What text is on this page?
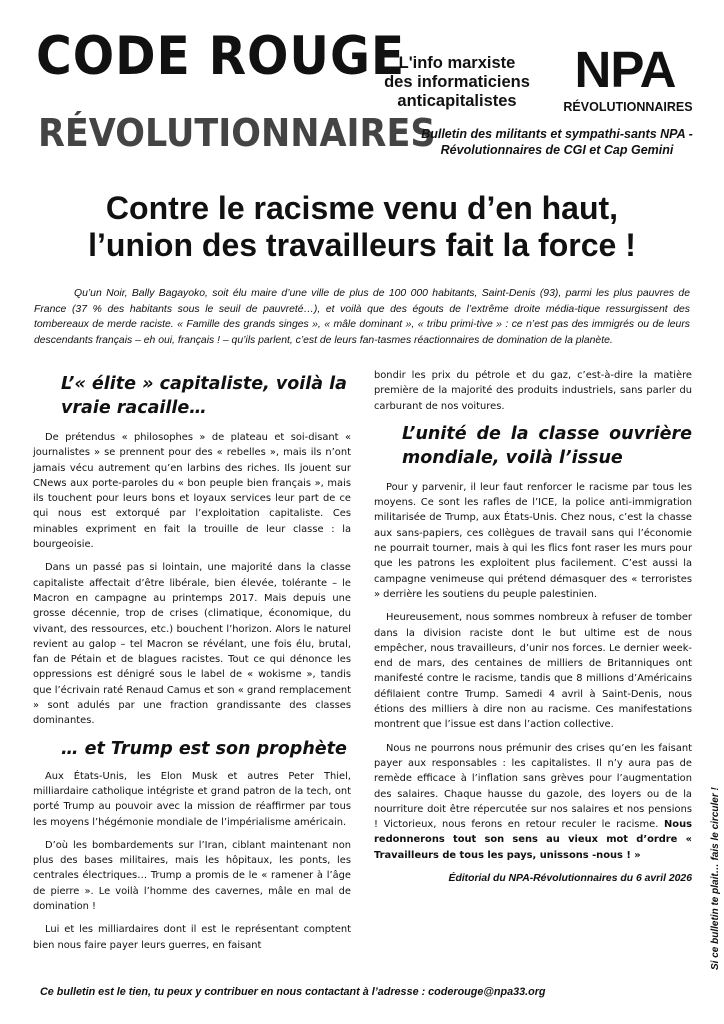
CODE ROUGE
RÉVOLUTIONNAIRES
L'info marxiste
des informaticiens
anticapitalistes
NPA
RÉVOLUTIONNAIRES
Bulletin des militants et sympathi-sants NPA - Révolutionnaires de CGI et Cap Gemini
Contre le racisme venu d’en haut,
l’union des travailleurs fait la force !
Qu’un Noir, Bally Bagayoko, soit élu maire d’une ville de plus de 100 000 habitants, Saint-Denis (93), parmi les plus pauvres de France (37 % des habitants sous le seuil de pauvreté…), et voilà que des égouts de l’extrême droite média-tique ressurgissent des tombereaux de merde raciste. « Famille des grands singes », « mâle dominant », « tribu primi-tive » : ce n’est pas des immigrés ou de leurs descendants français – eh oui, français ! – qu’ils parlent, c’est de leurs fan-tasmes réactionnaires de domination de la planète.
L’« élite » capitaliste, voilà la vraie racaille…

De prétendus « philosophes » de plateau et soi-disant « journalistes » se prennent pour des « rebelles », mais ils n’ont jamais vécu autrement qu’en larbins des riches. Ils jouent sur CNews aux porte-paroles du « bon peuple bien français », mais ils touchent pour leurs bons et loyaux services leur part de ce qui nous est extorqué par l’exploitation capitaliste. Ces minables expriment en fait la trouille de leur classe : la bourgeoisie.

Dans un passé pas si lointain, une majorité dans la classe capitaliste affectait d’être libérale, bien élevée, tolérante – le Macron en campagne au printemps 2017. Mais depuis une grosse décennie, trop de crises (climatique, économique, du vivant, des ressources, etc.) bouchent l’horizon. Alors le naturel revient au galop – tel Macron se révélant, une fois élu, brutal, fan de Pétain et de blagues racistes. Tout ce qui dénonce les oppressions est dénigré sous le label de « wokisme », tandis que l’écrivain raté Renaud Camus et son « grand remplacement » sont adulés par une fraction grandissante des classes dominantes.

… et Trump est son prophète

Aux États-Unis, les Elon Musk et autres Peter Thiel, milliardaire catholique intégriste et grand patron de la tech, ont porté Trump au pouvoir avec la mission de réaffirmer par tous les moyens l’hégémonie mondiale de l’impérialisme américain.

D’où les bombardements sur l’Iran, ciblant maintenant non plus des bases militaires, mais les hôpitaux, les ponts, les centrales électriques… Trump a promis de le « ramener à l’âge de pierre ». Le voilà l’homme des cavernes, mâle en mal de domination !

Lui et les milliardaires dont il est le représentant comptent bien nous faire payer leurs guerres, en faisant

bondir les prix du pétrole et du gaz, c’est-à-dire la matière première de la majorité des produits industriels, sans parler du carburant de nos voitures.

L’unité de la classe ouvrière mondiale, voilà l’issue

Pour y parvenir, il leur faut renforcer le racisme par tous les moyens. Ce sont les rafles de l’ICE, la police anti-immigration militarisée de Trump, aux États-Unis. Chez nous, c’est la chasse aux sans-papiers, ces collègues de travail sans qui l’économie ne pourrait tourner, mais à qui les flics font raser les murs pour que les patrons les exploitent plus facilement. C’est aussi la campagne venimeuse qui prétend démasquer des « terroristes » derrière les soutiens du peuple palestinien.

Heureusement, nous sommes nombreux à refuser de tomber dans la division raciste dont le but ultime est de nous empêcher, nous travailleurs, d’unir nos forces. Le dernier week-end de mars, des centaines de milliers de Britanniques ont manifesté contre le racisme, tandis que 8 millions d’Américains défilaient contre Trump. Samedi 4 avril à Saint-Denis, nous étions des milliers à dire non au racisme. Ces manifestations montrent que l’issue est dans l’action collective.

Nous ne pourrons nous prémunir des crises qu’en les faisant payer aux responsables : les capitalistes. Il n’y aura pas de remède efficace à l’inflation sans grèves pour l’augmentation des salaires. Chaque hausse du gazole, des loyers ou de la nourriture doit être répercutée sur nos salaires et nos pensions ! Victorieux, nous ferons en retour reculer le racisme. Nous redonnerons tout son sens au vieux mot d’ordre « Travailleurs de tous les pays, unissons -nous ! »

Éditorial du NPA-Révolutionnaires du 6 avril 2026 Si ce bulletin te plait… fais le circuler !
Ce bulletin est le tien, tu peux y contribuer en nous contactant à l’adresse : coderouge@npa33.org
